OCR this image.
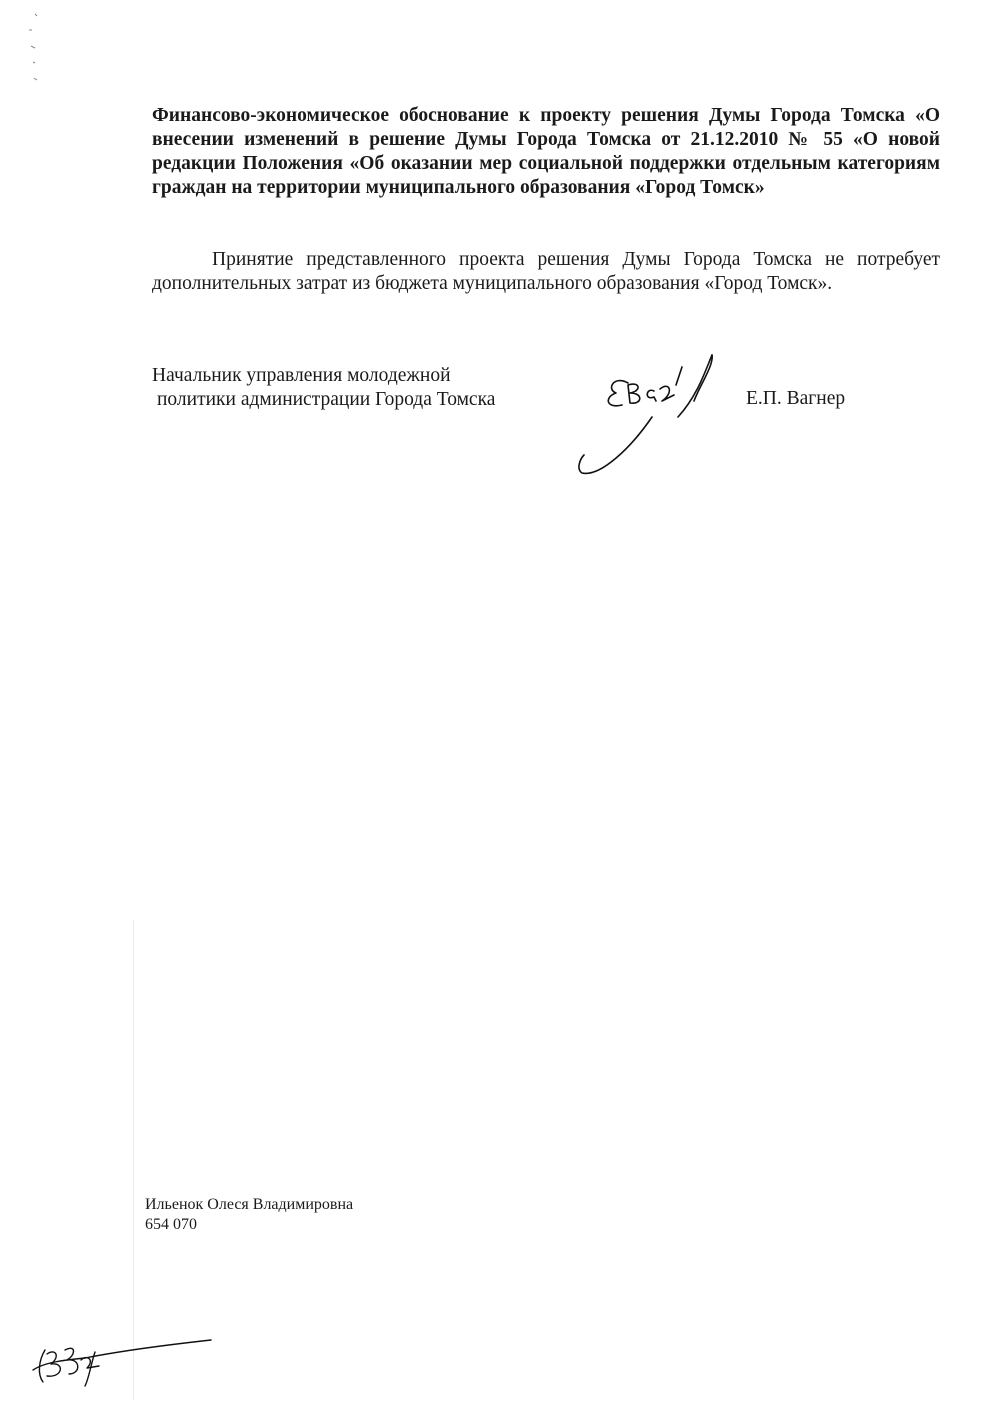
Финансово-экономическое обоснование к проекту решения Думы Города Томска «О внесении изменений в решение Думы Города Томска от 21.12.2010 № 55 «О новой редакции Положения «Об оказании мер социальной поддержки отдельным категориям граждан на территории муниципального образования «Город Томск»

Принятие представленного проекта решения Думы Города Томска не потребует дополнительных затрат из бюджета муниципального образования «Город Томск».

Начальник управления молодежной
политики администрации Города Томска	Е.П. Вагнер
Ильенок Олеся Владимировна
654 070
